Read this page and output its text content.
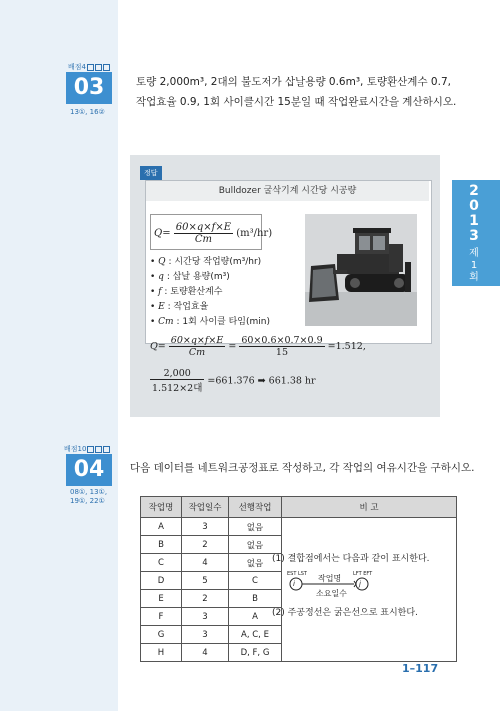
2
0
1
3
제
1
회
배점4
03
13①, 16②
토량 2,000m³, 2대의 불도저가 삽날용량 0.6m³, 토량환산계수 0.7,
작업효율 0.9, 1회 사이클시간 15분일 때 작업완료시간을 계산하시오.
정답
Bulldozer 굴삭기계 시간당 시공량
$Q= \frac{60\times q\times f\times E}{Cm} (m^3/hr)$
• Q : 시간당 작업량(m³/hr)
• q : 삽날 용량(m³)
• f : 토량환산계수
• E : 작업효율
• Cm : 1회 사이클 타임(min)
$Q= \frac{60\times q\times f\times E}{Cm} = \frac{60\times 0.6\times 0.7\times 0.9}{15} =1.512$,
$\frac{2,000}{\text{1.512×2대}} =661.376$ ➡ 661.38 hr
배점10
04
08①, 13①,
19①, 22①
다음 데이터를 네트워크공정표로 작성하고, 각 작업의 여유시간을 구하시오.
작업명	작업일수	선행작업	비 고
A	3	없음	
B	2	없음	
C	4	없음	
D	5	C	
E	2	B	
F	3	A	
G	3	A, C, E	
H	4	D, F, G	
(1) 결합점에서는 다음과 같이 표시한다.
EST LST	LFT EFT
i	j
작업명
소요일수
(2) 주공정선은 굵은선으로 표시한다.
1–117
